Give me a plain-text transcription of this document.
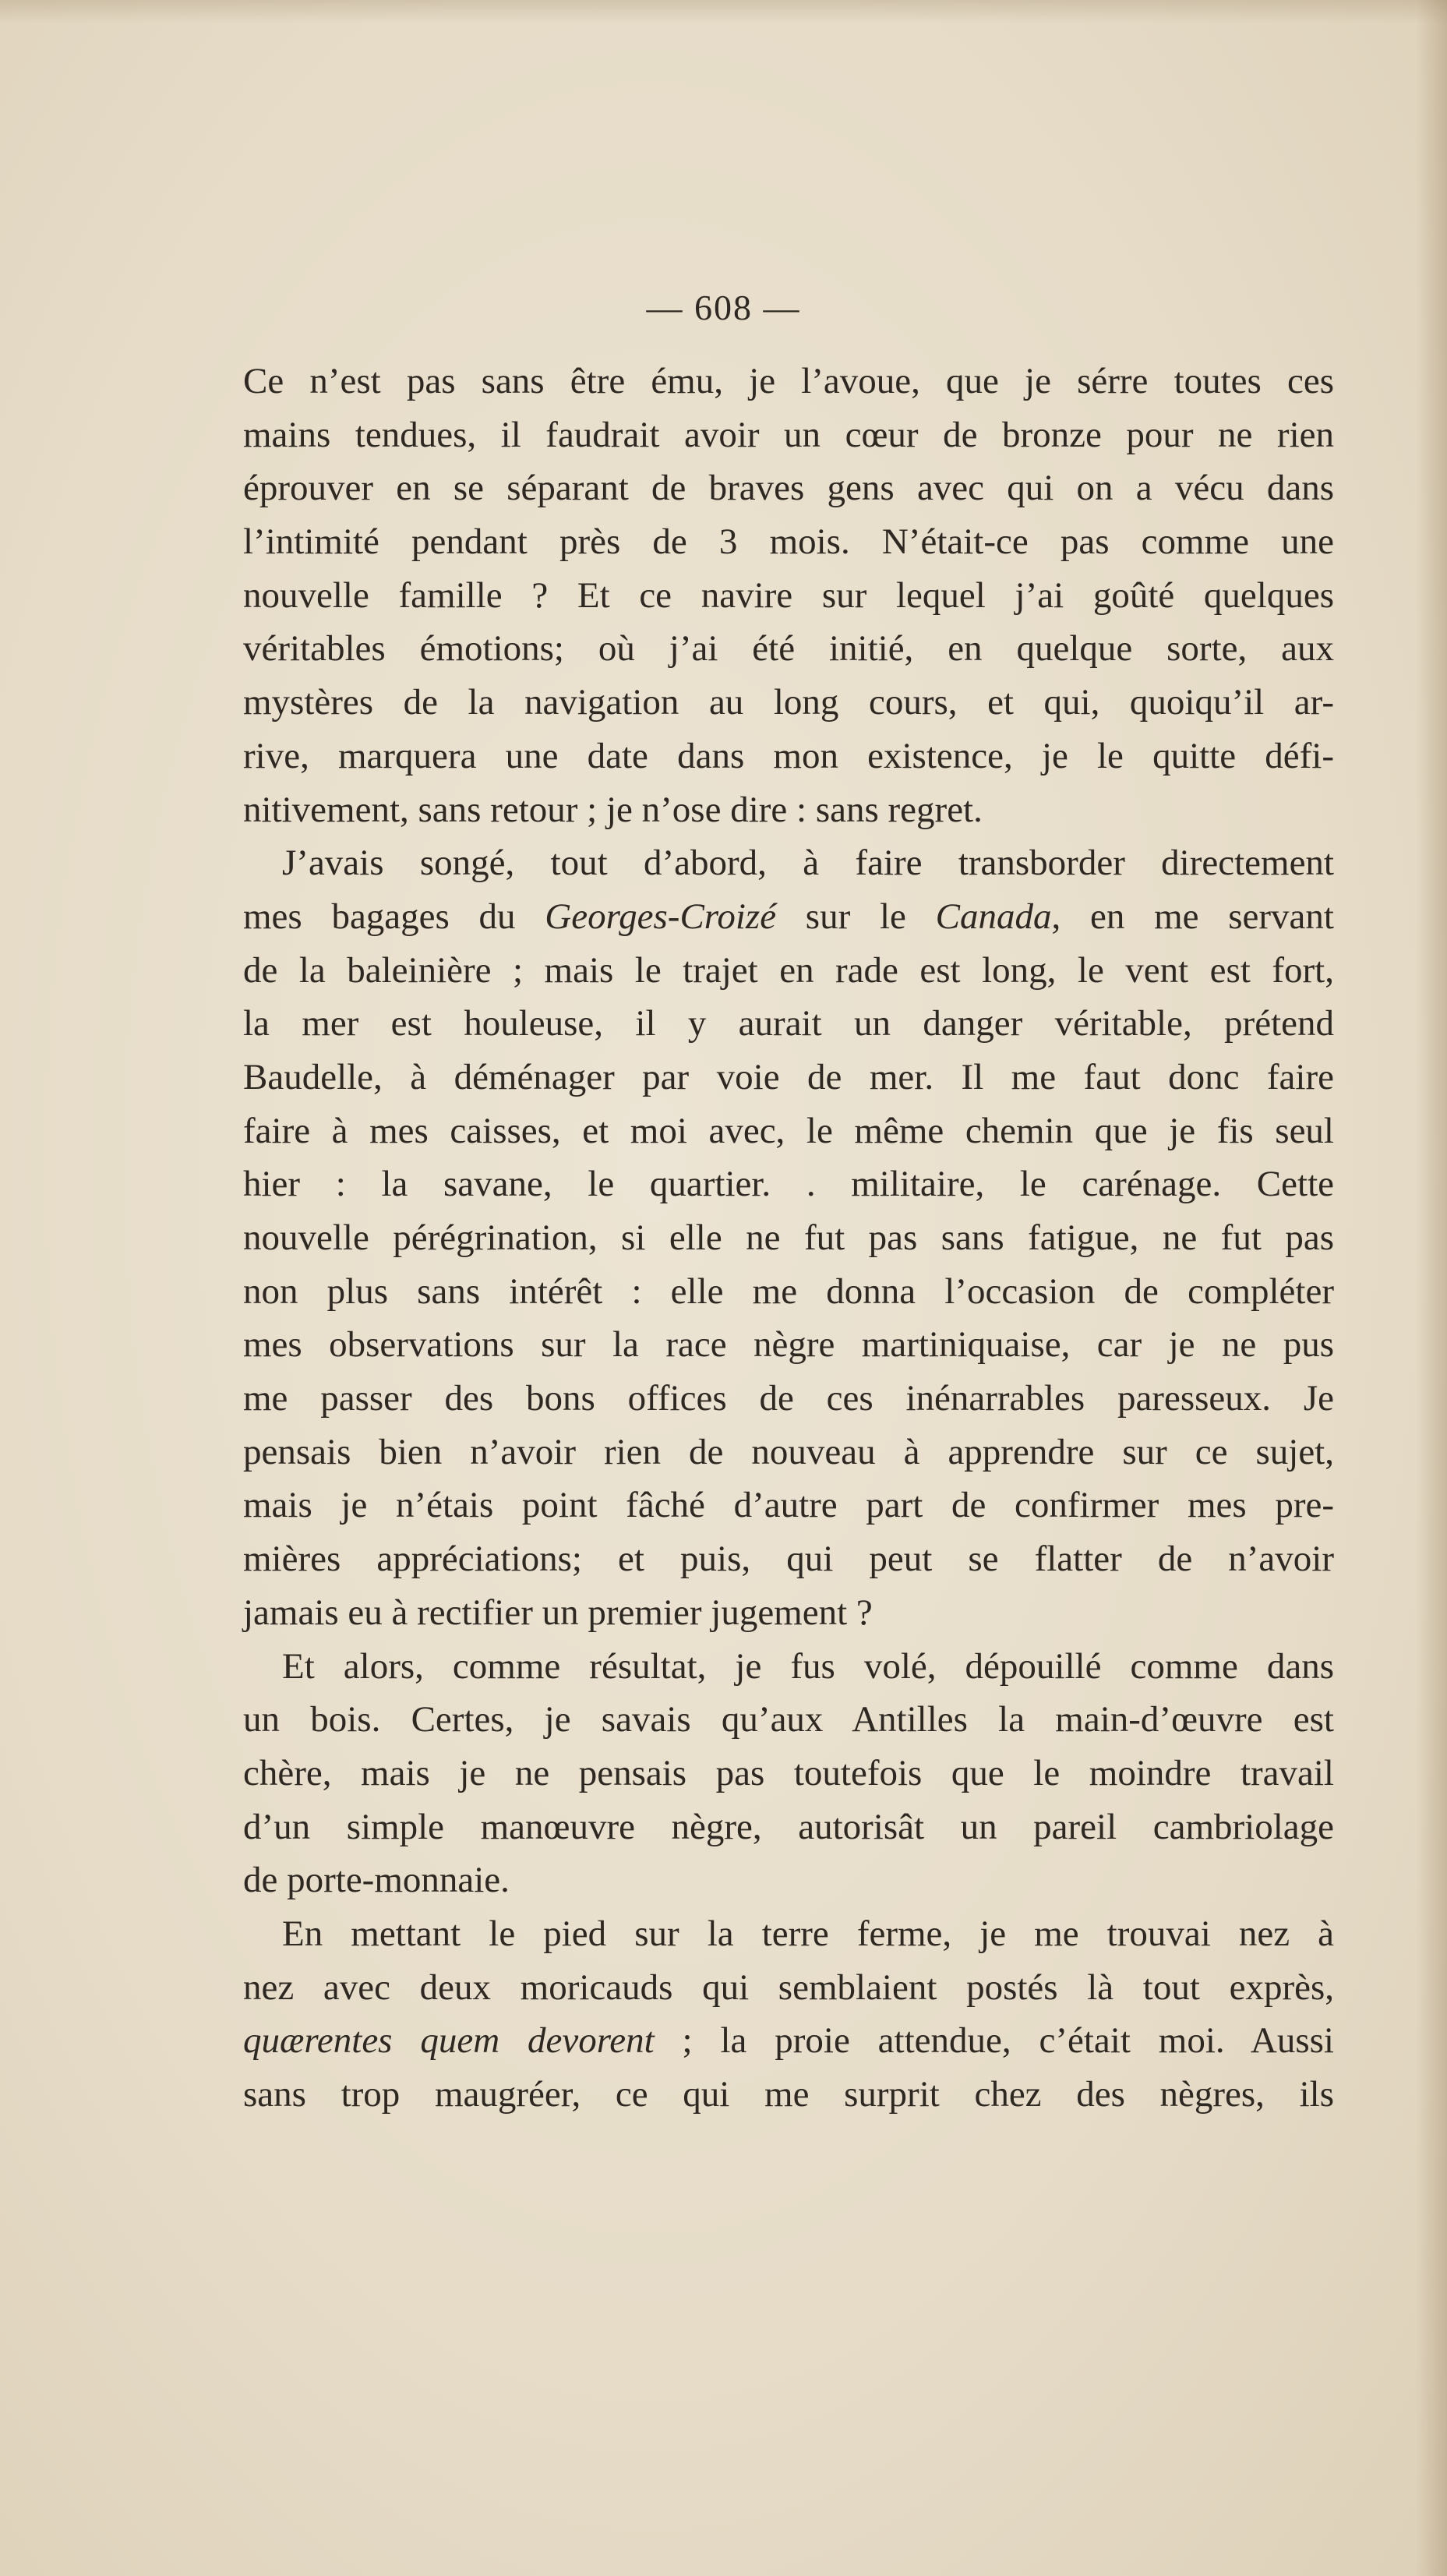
— 608 —
Ce n’est pas sans être ému, je l’avoue, que je sérre toutes ces
mains tendues, il faudrait avoir un cœur de bronze pour ne rien
éprouver en se séparant de braves gens avec qui on a vécu dans
l’intimité pendant près de 3 mois. N’était-ce pas comme une
nouvelle famille ? Et ce navire sur lequel j’ai goûté quelques
véritables émotions; où j’ai été initié, en quelque sorte, aux
mystères de la navigation au long cours, et qui, quoiqu’il ar-
rive, marquera une date dans mon existence, je le quitte défi-
nitivement, sans retour ; je n’ose dire : sans regret.
J’avais songé, tout d’abord, à faire transborder directement
mes bagages du Georges-Croizé sur le Canada, en me servant
de la baleinière ; mais le trajet en rade est long, le vent est fort,
la mer est houleuse, il y aurait un danger véritable, prétend
Baudelle, à déménager par voie de mer. Il me faut donc faire
faire à mes caisses, et moi avec, le même chemin que je fis seul
hier : la savane, le quartier. . militaire, le carénage. Cette
nouvelle pérégrination, si elle ne fut pas sans fatigue, ne fut pas
non plus sans intérêt : elle me donna l’occasion de compléter
mes observations sur la race nègre martiniquaise, car je ne pus
me passer des bons offices de ces inénarrables paresseux. Je
pensais bien n’avoir rien de nouveau à apprendre sur ce sujet,
mais je n’étais point fâché d’autre part de confirmer mes pre-
mières appréciations; et puis, qui peut se flatter de n’avoir
jamais eu à rectifier un premier jugement ?
Et alors, comme résultat, je fus volé, dépouillé comme dans
un bois. Certes, je savais qu’aux Antilles la main-d’œuvre est
chère, mais je ne pensais pas toutefois que le moindre travail
d’un simple manœuvre nègre, autorisât un pareil cambriolage
de porte-monnaie.
En mettant le pied sur la terre ferme, je me trouvai nez à
nez avec deux moricauds qui semblaient postés là tout exprès,
quærentes quem devorent ; la proie attendue, c’était moi. Aussi
sans trop maugréer, ce qui me surprit chez des nègres, ils
